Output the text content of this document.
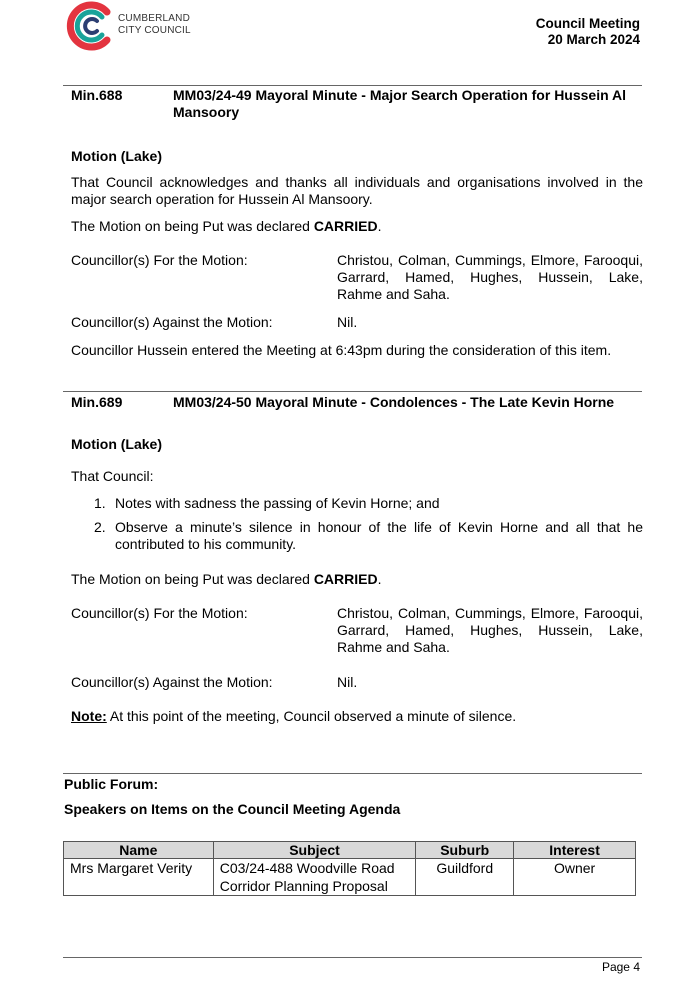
CUMBERLAND
CITY COUNCIL	Council Meeting
20 March 2024
Min.688	MM03/24-49 Mayoral Minute - Major Search Operation for Hussein Al Mansoory
Motion (Lake)
That Council acknowledges and thanks all individuals and organisations involved in the major search operation for Hussein Al Mansoory.
The Motion on being Put was declared CARRIED.
Councillor(s) For the Motion:	Christou, Colman, Cummings, Elmore, Farooqui, Garrard, Hamed, Hughes, Hussein, Lake, Rahme and Saha.
Councillor(s) Against the Motion:	Nil.
Councillor Hussein entered the Meeting at 6:43pm during the consideration of this item.
Min.689	MM03/24-50 Mayoral Minute - Condolences - The Late Kevin Horne
Motion (Lake)
That Council:
1. Notes with sadness the passing of Kevin Horne; and
2. Observe a minute’s silence in honour of the life of Kevin Horne and all that he contributed to his community.
The Motion on being Put was declared CARRIED.
Councillor(s) For the Motion:	Christou, Colman, Cummings, Elmore, Farooqui, Garrard, Hamed, Hughes, Hussein, Lake, Rahme and Saha.
Councillor(s) Against the Motion:	Nil.
Note: At this point of the meeting, Council observed a minute of silence.
Public Forum:
Speakers on Items on the Council Meeting Agenda
Name	Subject	Suburb	Interest
Mrs Margaret Verity	C03/24-488 Woodville Road Corridor Planning Proposal	Guildford	Owner
Page 4
